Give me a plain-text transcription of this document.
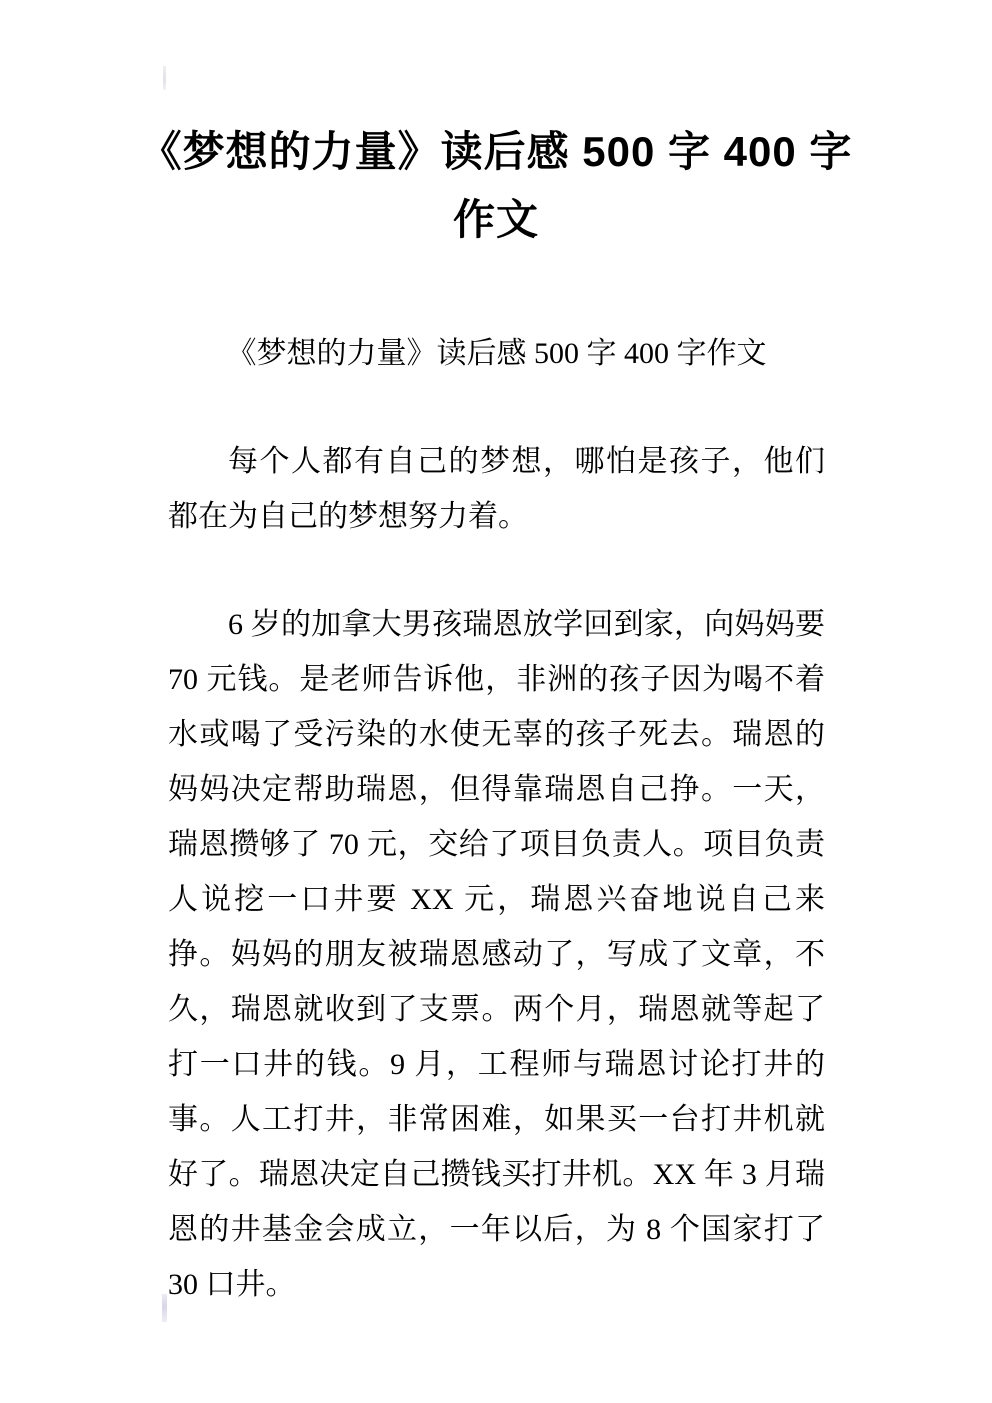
《梦想的力量》读后感 500 字 400 字
作文

《梦想的力量》读后感 500 字 400 字作文

每个人都有自己的梦想，哪怕是孩子，他们都在为自己的梦想努力着。

6 岁的加拿大男孩瑞恩放学回到家，向妈妈要 70 元钱。是老师告诉他，非洲的孩子因为喝不着水或喝了受污染的水使无辜的孩子死去。瑞恩的妈妈决定帮助瑞恩，但得靠瑞恩自己挣。一天，瑞恩攒够了 70 元，交给了项目负责人。项目负责人说挖一口井要 XX 元，瑞恩兴奋地说自己来挣。妈妈的朋友被瑞恩感动了，写成了文章，不久，瑞恩就收到了支票。两个月，瑞恩就等起了打一口井的钱。9 月，工程师与瑞恩讨论打井的事。人工打井，非常困难，如果买一台打井机就好了。瑞恩决定自己攒钱买打井机。XX 年 3 月瑞恩的井基金会成立，一年以后，为 8 个国家打了 30 口井。
